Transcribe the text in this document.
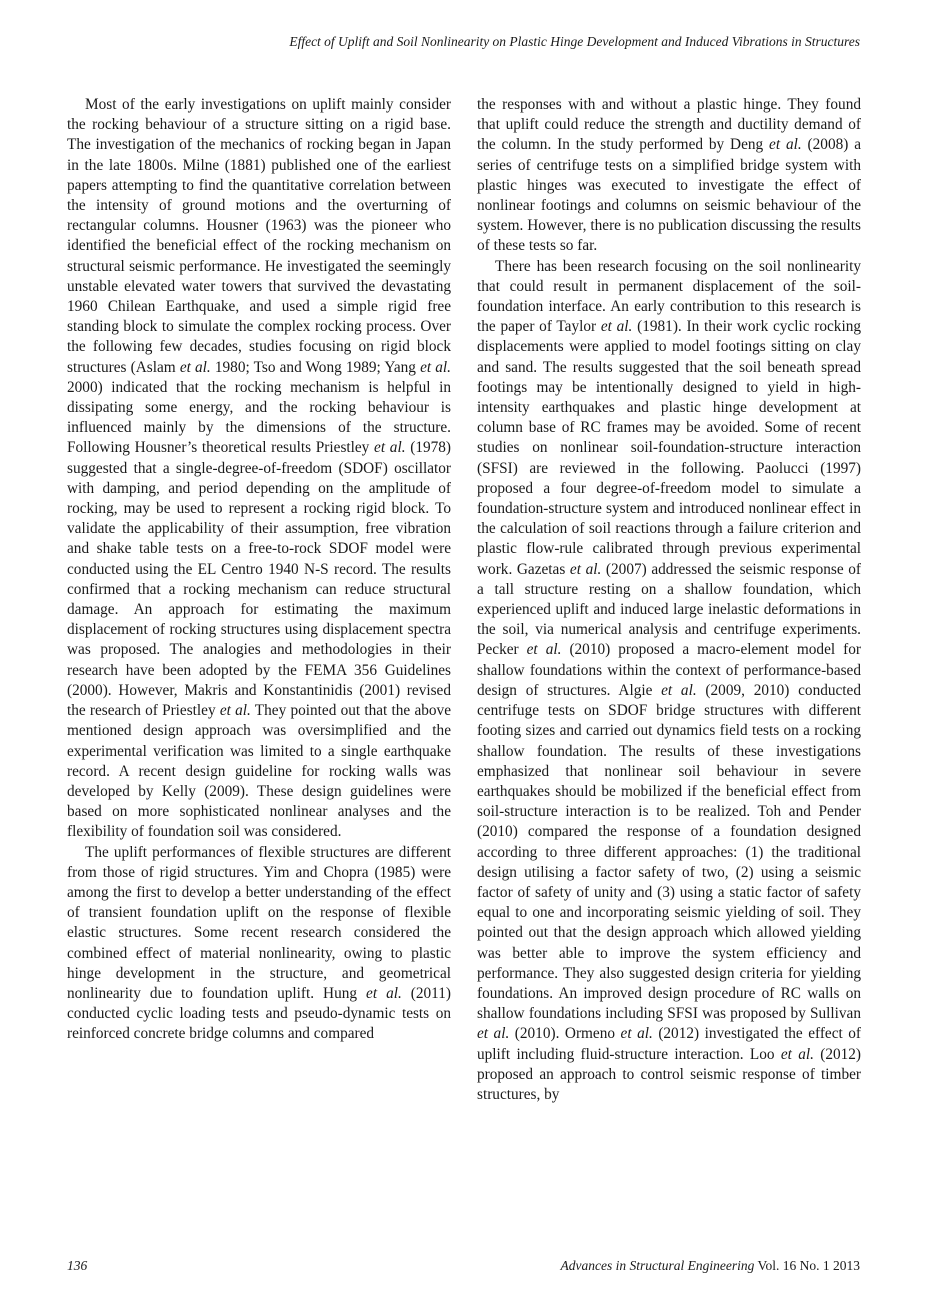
Effect of Uplift and Soil Nonlinearity on Plastic Hinge Development and Induced Vibrations in Structures

Most of the early investigations on uplift mainly consider the rocking behaviour of a structure sitting on a rigid base. The investigation of the mechanics of rocking began in Japan in the late 1800s. Milne (1881) published one of the earliest papers attempting to find the quantitative correlation between the intensity of ground motions and the overturning of rectangular columns. Housner (1963) was the pioneer who identified the beneficial effect of the rocking mechanism on structural seismic performance. He investigated the seemingly unstable elevated water towers that survived the devastating 1960 Chilean Earthquake, and used a simple rigid free standing block to simulate the complex rocking process. Over the following few decades, studies focusing on rigid block structures (Aslam et al. 1980; Tso and Wong 1989; Yang et al. 2000) indicated that the rocking mechanism is helpful in dissipating some energy, and the rocking behaviour is influenced mainly by the dimensions of the structure. Following Housner’s theoretical results Priestley et al. (1978) suggested that a single-degree-of-freedom (SDOF) oscillator with damping, and period depending on the amplitude of rocking, may be used to represent a rocking rigid block. To validate the applicability of their assumption, free vibration and shake table tests on a free-to-rock SDOF model were conducted using the EL Centro 1940 N-S record. The results confirmed that a rocking mechanism can reduce structural damage. An approach for estimating the maximum displacement of rocking structures using displacement spectra was proposed. The analogies and methodologies in their research have been adopted by the FEMA 356 Guidelines (2000). However, Makris and Konstantinidis (2001) revised the research of Priestley et al. They pointed out that the above mentioned design approach was oversimplified and the experimental verification was limited to a single earthquake record. A recent design guideline for rocking walls was developed by Kelly (2009). These design guidelines were based on more sophisticated nonlinear analyses and the flexibility of foundation soil was considered.

The uplift performances of flexible structures are different from those of rigid structures. Yim and Chopra (1985) were among the first to develop a better understanding of the effect of transient foundation uplift on the response of flexible elastic structures. Some recent research considered the combined effect of material nonlinearity, owing to plastic hinge development in the structure, and geometrical nonlinearity due to foundation uplift. Hung et al. (2011) conducted cyclic loading tests and pseudo-dynamic tests on reinforced concrete bridge columns and compared

the responses with and without a plastic hinge. They found that uplift could reduce the strength and ductility demand of the column. In the study performed by Deng et al. (2008) a series of centrifuge tests on a simplified bridge system with plastic hinges was executed to investigate the effect of nonlinear footings and columns on seismic behaviour of the system. However, there is no publication discussing the results of these tests so far.

There has been research focusing on the soil nonlinearity that could result in permanent displacement of the soil-foundation interface. An early contribution to this research is the paper of Taylor et al. (1981). In their work cyclic rocking displacements were applied to model footings sitting on clay and sand. The results suggested that the soil beneath spread footings may be intentionally designed to yield in high-intensity earthquakes and plastic hinge development at column base of RC frames may be avoided. Some of recent studies on nonlinear soil-foundation-structure interaction (SFSI) are reviewed in the following. Paolucci (1997) proposed a four degree-of-freedom model to simulate a foundation-structure system and introduced nonlinear effect in the calculation of soil reactions through a failure criterion and plastic flow-rule calibrated through previous experimental work. Gazetas et al. (2007) addressed the seismic response of a tall structure resting on a shallow foundation, which experienced uplift and induced large inelastic deformations in the soil, via numerical analysis and centrifuge experiments. Pecker et al. (2010) proposed a macro-element model for shallow foundations within the context of performance-based design of structures. Algie et al. (2009, 2010) conducted centrifuge tests on SDOF bridge structures with different footing sizes and carried out dynamics field tests on a rocking shallow foundation. The results of these investigations emphasized that nonlinear soil behaviour in severe earthquakes should be mobilized if the beneficial effect from soil-structure interaction is to be realized. Toh and Pender (2010) compared the response of a foundation designed according to three different approaches: (1) the traditional design utilising a factor safety of two, (2) using a seismic factor of safety of unity and (3) using a static factor of safety equal to one and incorporating seismic yielding of soil. They pointed out that the design approach which allowed yielding was better able to improve the system efficiency and performance. They also suggested design criteria for yielding foundations. An improved design procedure of RC walls on shallow foundations including SFSI was proposed by Sullivan et al. (2010). Ormeno et al. (2012) investigated the effect of uplift including fluid-structure interaction. Loo et al. (2012) proposed an approach to control seismic response of timber structures, by

136	Advances in Structural Engineering Vol. 16 No. 1 2013
